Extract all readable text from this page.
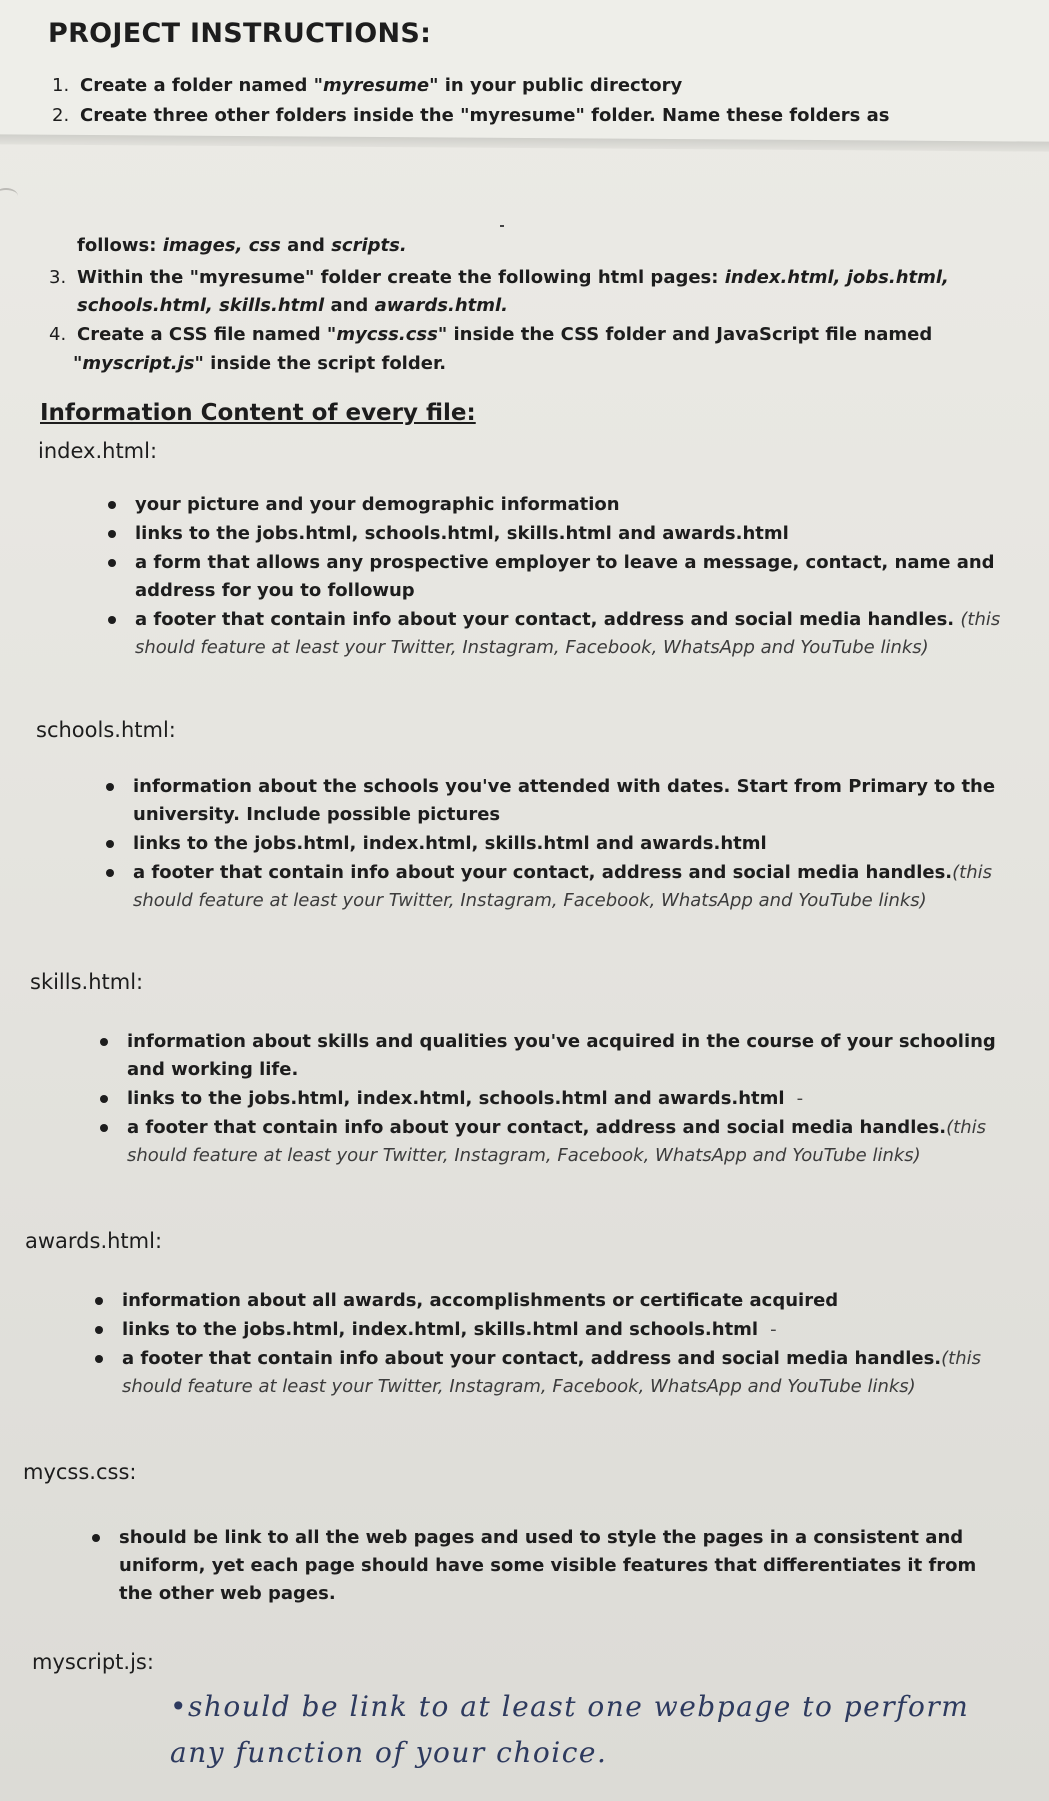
PROJECT INSTRUCTIONS:
1. Create a folder named "myresume" in your public directory
2. Create three other folders inside the "myresume" folder. Name these folders as
follows: images, css and scripts.
3. Within the "myresume" folder create the following html pages: index.html, jobs.html,
schools.html, skills.html and awards.html.
4. Create a CSS file named "mycss.css" inside the CSS folder and JavaScript file named
"myscript.js" inside the script folder.
Information Content of every file:
index.html:
your picture and your demographic information
links to the jobs.html, schools.html, skills.html and awards.html
a form that allows any prospective employer to leave a message, contact, name and address for you to followup
a footer that contain info about your contact, address and social media handles. (this should feature at least your Twitter, Instagram, Facebook, WhatsApp and YouTube links)
schools.html:
information about the schools you've attended with dates. Start from Primary to the university. Include possible pictures
links to the jobs.html, index.html, skills.html and awards.html
a footer that contain info about your contact, address and social media handles.(this should feature at least your Twitter, Instagram, Facebook, WhatsApp and YouTube links)
skills.html:
information about skills and qualities you've acquired in the course of your schooling and working life.
links to the jobs.html, index.html, schools.html and awards.html -
a footer that contain info about your contact, address and social media handles.(this should feature at least your Twitter, Instagram, Facebook, WhatsApp and YouTube links)
awards.html:
information about all awards, accomplishments or certificate acquired
links to the jobs.html, index.html, skills.html and schools.html -
a footer that contain info about your contact, address and social media handles.(this should feature at least your Twitter, Instagram, Facebook, WhatsApp and YouTube links)
mycss.css:
should be link to all the web pages and used to style the pages in a consistent and uniform, yet each page should have some visible features that differentiates it from the other web pages.
myscript.js:
•should be link to at least one webpage to perform any function of your choice.
